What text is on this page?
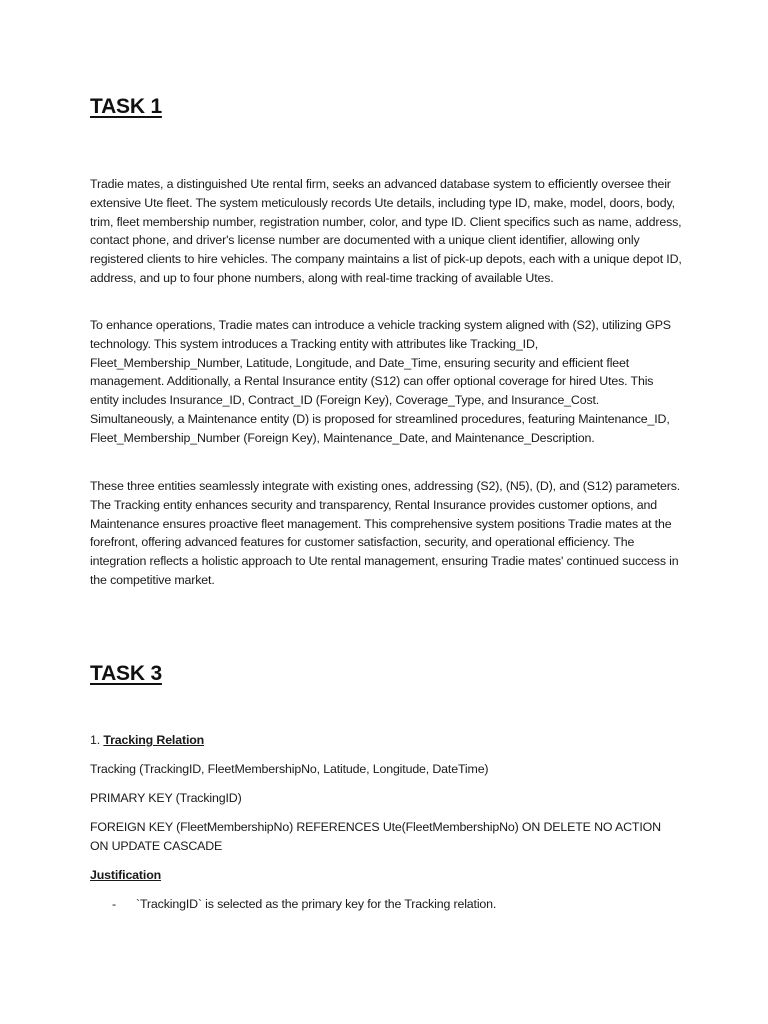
TASK 1

Tradie mates, a distinguished Ute rental firm, seeks an advanced database system to efficiently oversee their extensive Ute fleet. The system meticulously records Ute details, including type ID, make, model, doors, body, trim, fleet membership number, registration number, color, and type ID. Client specifics such as name, address, contact phone, and driver's license number are documented with a unique client identifier, allowing only registered clients to hire vehicles. The company maintains a list of pick-up depots, each with a unique depot ID, address, and up to four phone numbers, along with real-time tracking of available Utes.

To enhance operations, Tradie mates can introduce a vehicle tracking system aligned with (S2), utilizing GPS technology. This system introduces a Tracking entity with attributes like Tracking_ID, Fleet_Membership_Number, Latitude, Longitude, and Date_Time, ensuring security and efficient fleet management. Additionally, a Rental Insurance entity (S12) can offer optional coverage for hired Utes. This entity includes Insurance_ID, Contract_ID (Foreign Key), Coverage_Type, and Insurance_Cost. Simultaneously, a Maintenance entity (D) is proposed for streamlined procedures, featuring Maintenance_ID, Fleet_Membership_Number (Foreign Key), Maintenance_Date, and Maintenance_Description.

These three entities seamlessly integrate with existing ones, addressing (S2), (N5), (D), and (S12) parameters. The Tracking entity enhances security and transparency, Rental Insurance provides customer options, and Maintenance ensures proactive fleet management. This comprehensive system positions Tradie mates at the forefront, offering advanced features for customer satisfaction, security, and operational efficiency. The integration reflects a holistic approach to Ute rental management, ensuring Tradie mates' continued success in the competitive market.

TASK 3

1. Tracking Relation

Tracking (TrackingID, FleetMembershipNo, Latitude, Longitude, DateTime)

PRIMARY KEY (TrackingID)

FOREIGN KEY (FleetMembershipNo) REFERENCES Ute(FleetMembershipNo) ON DELETE NO ACTION ON UPDATE CASCADE

Justification

- `TrackingID` is selected as the primary key for the Tracking relation.
